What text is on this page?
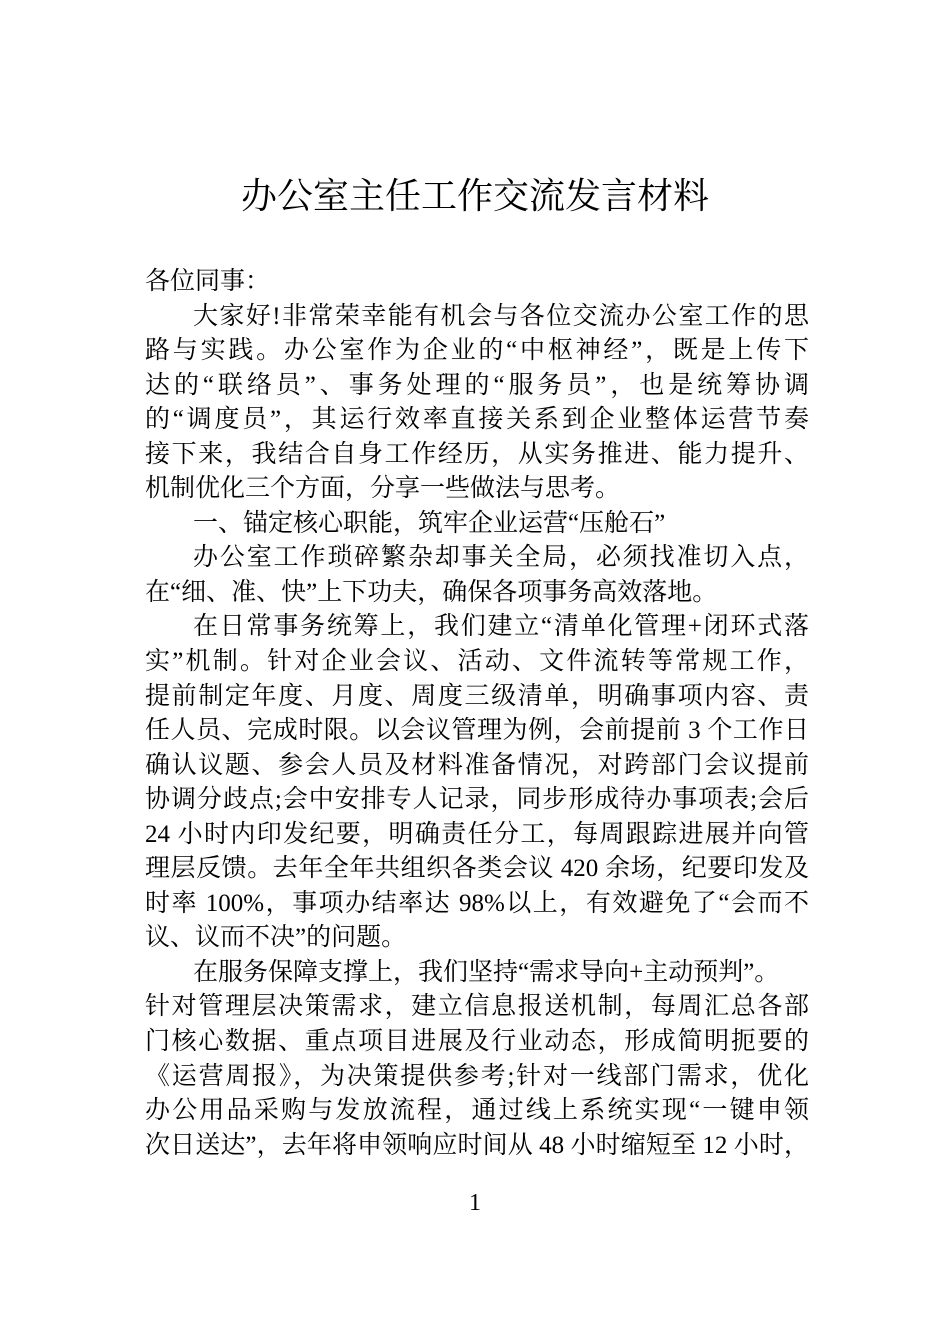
办公室主任工作交流发言材料
各位同事：
大家好!非常荣幸能有机会与各位交流办公室工作的思
路与实践。办公室作为企业的“中枢神经”，既是上传下
达的“联络员”、事务处理的“服务员”，也是统筹协调
的“调度员”，其运行效率直接关系到企业整体运营节奏
接下来，我结合自身工作经历，从实务推进、能力提升、
机制优化三个方面，分享一些做法与思考。
一、锚定核心职能，筑牢企业运营“压舱石”
办公室工作琐碎繁杂却事关全局，必须找准切入点，
在“细、准、快”上下功夫，确保各项事务高效落地。
在日常事务统筹上，我们建立“清单化管理+闭环式落
实”机制。针对企业会议、活动、文件流转等常规工作，
提前制定年度、月度、周度三级清单，明确事项内容、责
任人员、完成时限。以会议管理为例，会前提前 3 个工作日
确认议题、参会人员及材料准备情况，对跨部门会议提前
协调分歧点;会中安排专人记录，同步形成待办事项表;会后
24 小时内印发纪要，明确责任分工，每周跟踪进展并向管
理层反馈。去年全年共组织各类会议 420 余场，纪要印发及
时率 100%，事项办结率达 98%以上，有效避免了“会而不
议、议而不决”的问题。
在服务保障支撑上，我们坚持“需求导向+主动预判”。
针对管理层决策需求，建立信息报送机制，每周汇总各部
门核心数据、重点项目进展及行业动态，形成简明扼要的
《运营周报》，为决策提供参考;针对一线部门需求，优化
办公用品采购与发放流程，通过线上系统实现“一键申领
次日送达”，去年将申领响应时间从 48 小时缩短至 12 小时，
1
